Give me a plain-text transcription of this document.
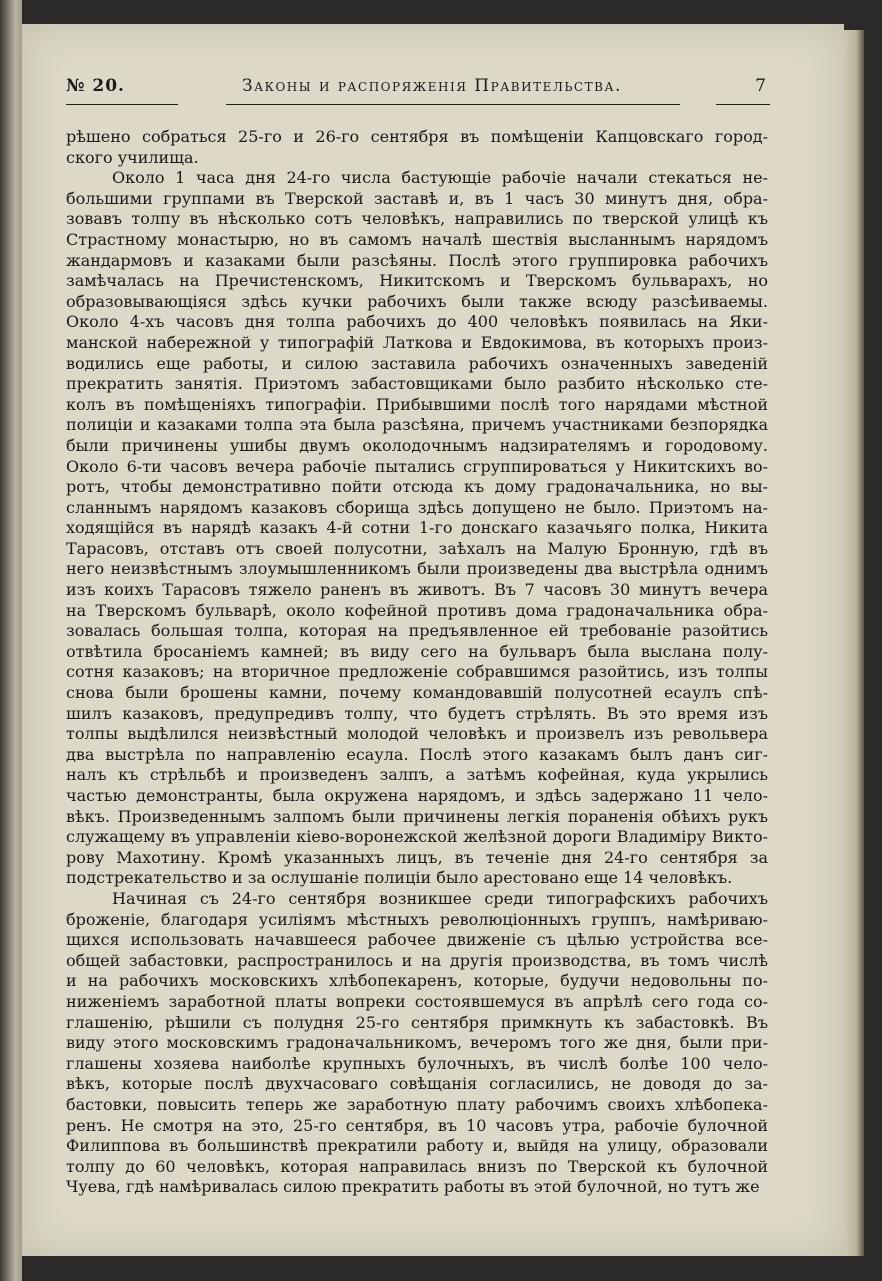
№ 20.	Законы и распоряженія Правительства.	7

рѣшено собраться 25-го и 26-го сентября въ помѣщеніи Капцовскаго город-
ского училища.

Около 1 часа дня 24-го числа бастующіе рабочіе начали стекаться не-
большими группами въ Тверской заставѣ и, въ 1 часъ 30 минутъ дня, обра-
зовавъ толпу въ нѣсколько сотъ человѣкъ, направились по тверской улицѣ къ
Страстному монастырю, но въ самомъ началѣ шествія высланнымъ нарядомъ
жандармовъ и казаками были разсѣяны. Послѣ этого группировка рабочихъ
замѣчалась на Пречистенскомъ, Никитскомъ и Тверскомъ бульварахъ, но
образовывающіяся здѣсь кучки рабочихъ были также всюду разсѣиваемы.
Около 4-хъ часовъ дня толпа рабочихъ до 400 человѣкъ появилась на Яки-
манской набережной у типографій Латкова и Евдокимова, въ которыхъ произ-
водились еще работы, и силою заставила рабочихъ означенныхъ заведеній
прекратить занятія. Приэтомъ забастовщиками было разбито нѣсколько сте-
колъ въ помѣщеніяхъ типографіи. Прибывшими послѣ того нарядами мѣстной
полиціи и казаками толпа эта была разсѣяна, причемъ участниками безпорядка
были причинены ушибы двумъ околодочнымъ надзирателямъ и городовому.
Около 6-ти часовъ вечера рабочіе пытались сгруппироваться у Никитскихъ во-
ротъ, чтобы демонстративно пойти отсюда къ дому градоначальника, но вы-
сланнымъ нарядомъ казаковъ сборища здѣсь допущено не было. Приэтомъ на-
ходящійся въ нарядѣ казакъ 4-й сотни 1-го донскаго казачьяго полка, Никита
Тарасовъ, отставъ отъ своей полусотни, заѣхалъ на Малую Бронную, гдѣ въ
него неизвѣстнымъ злоумышленникомъ были произведены два выстрѣла однимъ
изъ коихъ Тарасовъ тяжело раненъ въ животъ. Въ 7 часовъ 30 минутъ вечера
на Тверскомъ бульварѣ, около кофейной противъ дома градоначальника обра-
зовалась большая толпа, которая на предъявленное ей требованіе разойтись
отвѣтила бросаніемъ камней; въ виду сего на бульваръ была выслана полу-
сотня казаковъ; на вторичное предложеніе собравшимся разойтись, изъ толпы
снова были брошены камни, почему командовавшій полусотней есаулъ спѣ-
шилъ казаковъ, предупредивъ толпу, что будетъ стрѣлять. Въ это время изъ
толпы выдѣлился неизвѣстный молодой человѣкъ и произвелъ изъ револьвера
два выстрѣла по направленію есаула. Послѣ этого казакамъ былъ данъ сиг-
налъ къ стрѣльбѣ и произведенъ залпъ, а затѣмъ кофейная, куда укрылись
частью демонстранты, была окружена нарядомъ, и здѣсь задержано 11 чело-
вѣкъ. Произведеннымъ залпомъ были причинены легкія пораненія обѣихъ рукъ
служащему въ управленіи кіево-воронежской желѣзной дороги Владиміру Викто-
рову Махотину. Кромѣ указанныхъ лицъ, въ теченіе дня 24-го сентября за
подстрекательство и за ослушаніе полиціи было арестовано еще 14 человѣкъ.

Начиная съ 24-го сентября возникшее среди типографскихъ рабочихъ
броженіе, благодаря усиліямъ мѣстныхъ революціонныхъ группъ, намѣриваю-
щихся использовать начавшееся рабочее движеніе съ цѣлью устройства все-
общей забастовки, распространилось и на другія производства, въ томъ числѣ
и на рабочихъ московскихъ хлѣбопекаренъ, которые, будучи недовольны по-
ниженіемъ заработной платы вопреки состоявшемуся въ апрѣлѣ сего года со-
глашенію, рѣшили съ полудня 25-го сентября примкнуть къ забастовкѣ. Въ
виду этого московскимъ градоначальникомъ, вечеромъ того же дня, были при-
глашены хозяева наиболѣе крупныхъ булочныхъ, въ числѣ болѣе 100 чело-
вѣкъ, которые послѣ двухчасоваго совѣщанія согласились, не доводя до за-
бастовки, повысить теперь же заработную плату рабочимъ своихъ хлѣбопека-
ренъ. Не смотря на это, 25-го сентября, въ 10 часовъ утра, рабочіе булочной
Филиппова въ большинствѣ прекратили работу и, выйдя на улицу, образовали
толпу до 60 человѣкъ, которая направилась внизъ по Тверской къ булочной
Чуева, гдѣ намѣривалась силою прекратить работы въ этой булочной, но тутъ же
